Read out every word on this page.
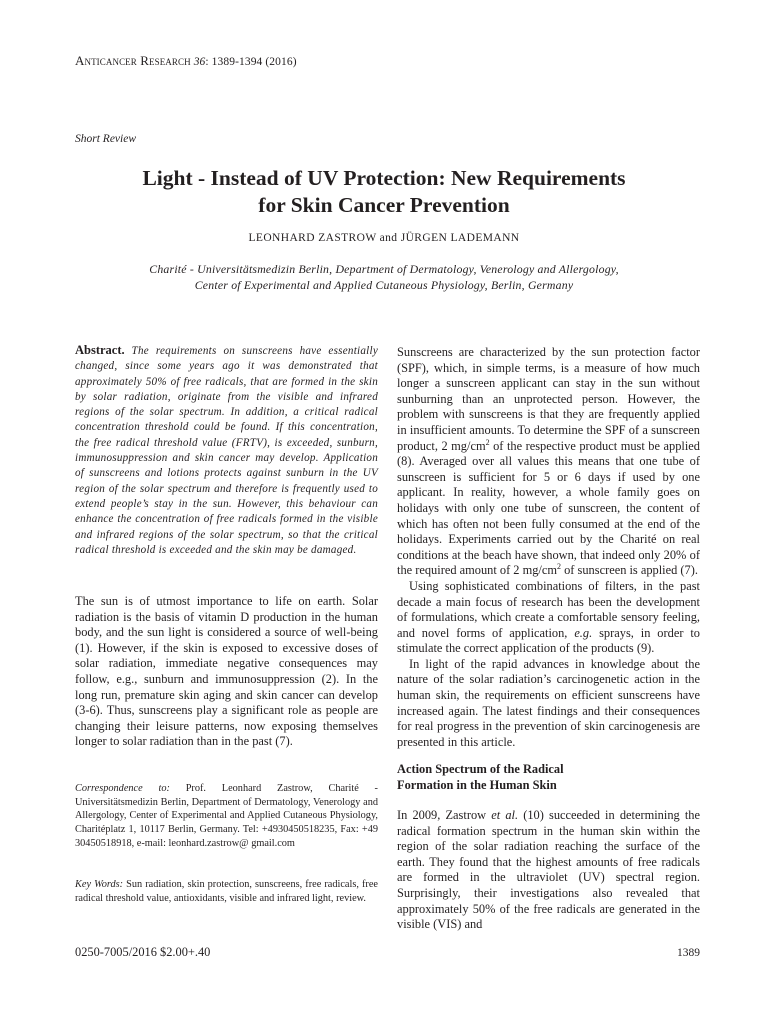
Anticancer Research 36: 1389-1394 (2016)
Short Review
Light - Instead of UV Protection: New Requirements
for Skin Cancer Prevention
LEONHARD ZASTROW and JÜRGEN LADEMANN
Charité - Universitätsmedizin Berlin, Department of Dermatology, Venerology and Allergology,
Center of Experimental and Applied Cutaneous Physiology, Berlin, Germany
Abstract. The requirements on sunscreens have essentially changed, since some years ago it was demonstrated that approximately 50% of free radicals, that are formed in the skin by solar radiation, originate from the visible and infrared regions of the solar spectrum. In addition, a critical radical concentration threshold could be found. If this concentration, the free radical threshold value (FRTV), is exceeded, sunburn, immunosuppression and skin cancer may develop. Application of sunscreens and lotions protects against sunburn in the UV region of the solar spectrum and therefore is frequently used to extend people’s stay in the sun. However, this behaviour can enhance the concentration of free radicals formed in the visible and infrared regions of the solar spectrum, so that the critical radical threshold is exceeded and the skin may be damaged.

The sun is of utmost importance to life on earth. Solar radiation is the basis of vitamin D production in the human body, and the sun light is considered a source of well-being (1). However, if the skin is exposed to excessive doses of solar radiation, immediate negative consequences may follow, e.g., sunburn and immunosuppression (2). In the long run, premature skin aging and skin cancer can develop (3-6). Thus, sunscreens play a significant role as people are changing their leisure patterns, now exposing themselves longer to solar radiation than in the past (7).

Correspondence to: Prof. Leonhard Zastrow, Charité - Universitätsmedizin Berlin, Department of Dermatology, Venerology and Allergology, Center of Experimental and Applied Cutaneous Physiology, Charitéplatz 1, 10117 Berlin, Germany. Tel: +4930450518235, Fax: +49 30450518918, e-mail: leonhard.zastrow@ gmail.com
Key Words: Sun radiation, skin protection, sunscreens, free radicals, free radical threshold value, antioxidants, visible and infrared light, review.

Sunscreens are characterized by the sun protection factor (SPF), which, in simple terms, is a measure of how much longer a sunscreen applicant can stay in the sun without sunburning than an unprotected person. However, the problem with sunscreens is that they are frequently applied in insufficient amounts. To determine the SPF of a sunscreen product, 2 $mg/cm^2$ of the respective product must be applied (8). Averaged over all values this means that one tube of sunscreen is sufficient for 5 or 6 days if used by one applicant. In reality, however, a whole family goes on holidays with only one tube of sunscreen, the content of which has often not been fully consumed at the end of the holidays. Experiments carried out by the Charité on real conditions at the beach have shown, that indeed only 20% of the required amount of 2 $mg/cm^2$ of sunscreen is applied (7).

Using sophisticated combinations of filters, in the past decade a main focus of research has been the development of formulations, which create a comfortable sensory feeling, and novel forms of application, e.g. sprays, in order to stimulate the correct application of the products (9).

In light of the rapid advances in knowledge about the nature of the solar radiation’s carcinogenetic action in the human skin, the requirements on efficient sunscreens have increased again. The latest findings and their consequences for real progress in the prevention of skin carcinogenesis are presented in this article.

Action Spectrum of the Radical
Formation in the Human Skin

In 2009, Zastrow et al. (10) succeeded in determining the radical formation spectrum in the human skin within the region of the solar radiation reaching the surface of the earth. They found that the highest amounts of free radicals are formed in the ultraviolet (UV) spectral region. Surprisingly, their investigations also revealed that approximately 50% of the free radicals are generated in the visible (VIS) and

0250-7005/2016 $2.00+.40	1389
